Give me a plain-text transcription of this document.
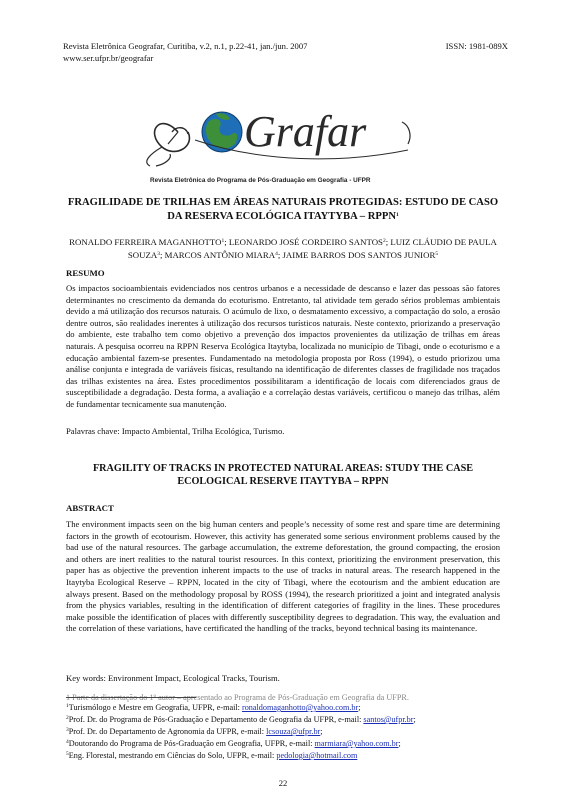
Revista Eletrônica Geografar, Curitiba, v.2, n.1, p.22-41, jan./jun. 2007	ISSN: 1981-089X
www.ser.ufpr.br/geografar
Grafar
Revista Eletrônica do Programa de Pós-Graduação em Geografia - UFPR
FRAGILIDADE DE TRILHAS EM ÁREAS NATURAIS PROTEGIDAS: ESTUDO DE CASO DA RESERVA ECOLÓGICA ITAYTYBA – RPPN$^1$
RONALDO FERREIRA MAGANHOTTO$^1$; LEONARDO JOSÉ CORDEIRO SANTOS$^2$; LUIZ CLÁUDIO DE PAULA SOUZA$^3$; MARCOS ANTÔNIO MIARA$^4$; JAIME BARROS DOS SANTOS JUNIOR$^5$
RESUMO
Os impactos socioambientais evidenciados nos centros urbanos e a necessidade de descanso e lazer das pessoas são fatores determinantes no crescimento da demanda do ecoturismo. Entretanto, tal atividade tem gerado sérios problemas ambientais devido a má utilização dos recursos naturais. O acúmulo de lixo, o desmatamento excessivo, a compactação do solo, a erosão dentre outros, são realidades inerentes à utilização dos recursos turísticos naturais. Neste contexto, priorizando a preservação do ambiente, este trabalho tem como objetivo a prevenção dos impactos provenientes da utilização de trilhas em áreas naturais. A pesquisa ocorreu na RPPN Reserva Ecológica Itaytyba, localizada no município de Tibagi, onde o ecoturismo e a educação ambiental fazem-se presentes. Fundamentado na metodologia proposta por Ross (1994), o estudo priorizou uma análise conjunta e integrada de variáveis físicas, resultando na identificação de diferentes classes de fragilidade nos traçados das trilhas existentes na área. Estes procedimentos possibilitaram a identificação de locais com diferenciados graus de susceptibilidade a degradação. Desta forma, a avaliação e a correlação destas variáveis, certificou o manejo das trilhas, além de fundamentar tecnicamente sua manutenção.
Palavras chave: Impacto Ambiental, Trilha Ecológica, Turismo.
FRAGILITY OF TRACKS IN PROTECTED NATURAL AREAS: STUDY THE CASE ECOLOGICAL RESERVE ITAYTYBA – RPPN
ABSTRACT
The environment impacts seen on the big human centers and people’s necessity of some rest and spare time are determining factors in the growth of ecotourism. However, this activity has generated some serious environment problems caused by the bad use of the natural resources. The garbage accumulation, the extreme deforestation, the ground compacting, the erosion and others are inert realities to the natural tourist resources. In this context, prioritizing the environment preservation, this paper has as objective the prevention inherent impacts to the use of tracks in natural areas. The research happened in the Itaytyba Ecological Reserve – RPPN, located in the city of Tibagi, where the ecotourism and the ambient education are always present. Based on the methodology proposal by ROSS (1994), the research prioritized a joint and integrated analysis from the physics variables, resulting in the identification of different categories of fragility in the lines. These procedures make possible the identification of places with differently susceptibility degrees to degradation. This way, the evaluation and the correlation of these variations, have certificated the handling of the tracks, beyond technical basing its maintenance.
Key words: Environment Impact, Ecological Tracks, Tourism.
1 Parte da dissertação do 1º autor – apresentado ao Programa de Pós-Graduação em Geografia da UFPR.
$^1$Turismólogo e Mestre em Geografia, UFPR, e-mail: ronaldomaganhotto@yahoo.com.br;
$^2$Prof. Dr. do Programa de Pós-Graduação e Departamento de Geografia da UFPR, e-mail: santos@ufpr.br;
$^3$Prof. Dr. do Departamento de Agronomia da UFPR, e-mail: lcsouza@ufpr.br;
$^4$Doutorando do Programa de Pós-Graduação em Geografia, UFPR, e-mail: marmiara@yahoo.com.br;
$^5$Eng. Florestal, mestrando em Ciências do Solo, UFPR, e-mail: pedologia@hotmail.com
22
